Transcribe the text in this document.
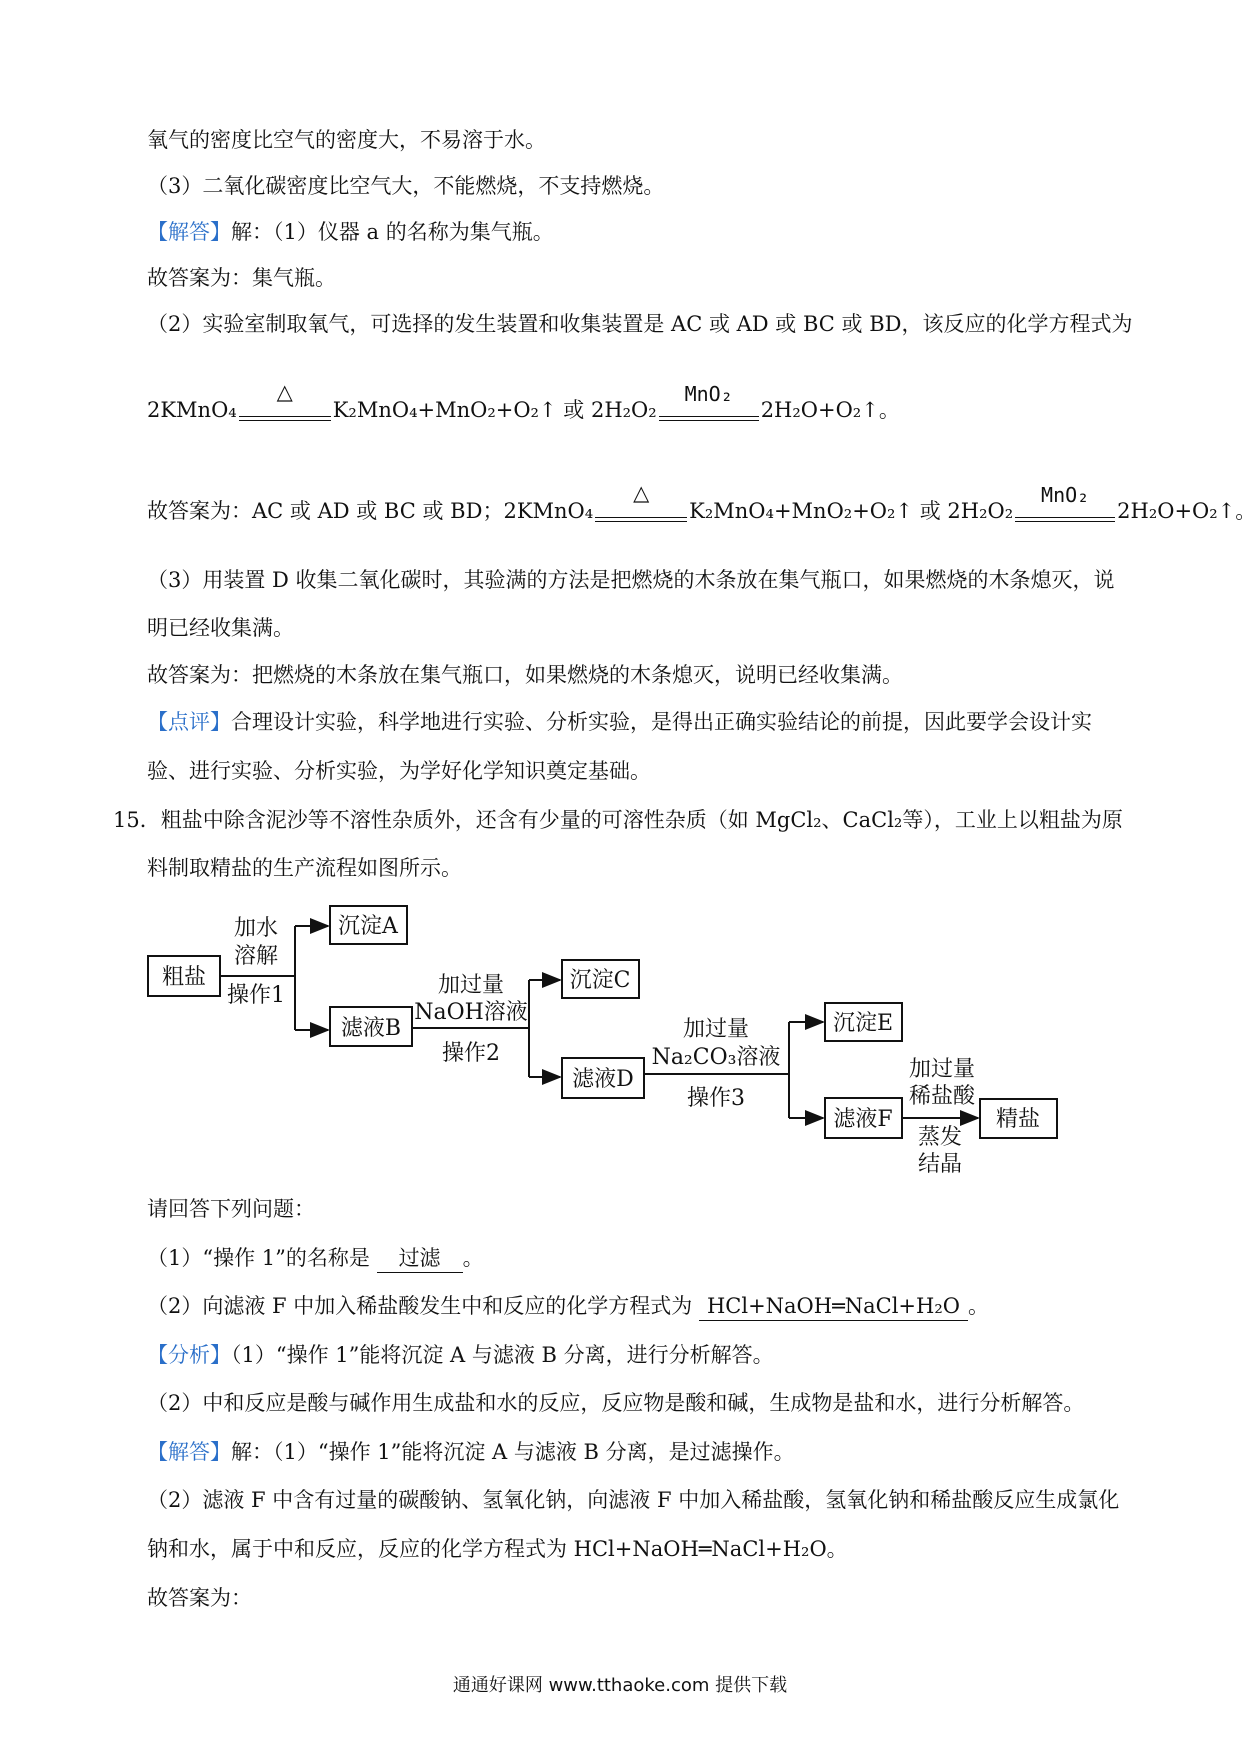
氧气的密度比空气的密度大，不易溶于水。
（3）二氧化碳密度比空气大，不能燃烧，不支持燃烧。
【解答】解：（1）仪器 a 的名称为集气瓶。
故答案为：集气瓶。
（2）实验室制取氧气，可选择的发生装置和收集装置是 AC 或 AD 或 BC 或 BD，该反应的化学方程式为
2KMnO₄
△
K₂MnO₄+MnO₂+O₂↑ 或 2H₂O₂
MnO₂
2H₂O+O₂↑。
故答案为：AC 或 AD 或 BC 或 BD；2KMnO₄
△
K₂MnO₄+MnO₂+O₂↑ 或 2H₂O₂
MnO₂
2H₂O+O₂↑。
（3）用装置 D 收集二氧化碳时，其验满的方法是把燃烧的木条放在集气瓶口，如果燃烧的木条熄灭，说
明已经收集满。
故答案为：把燃烧的木条放在集气瓶口，如果燃烧的木条熄灭，说明已经收集满。
【点评】合理设计实验，科学地进行实验、分析实验，是得出正确实验结论的前提，因此要学会设计实
验、进行实验、分析实验，为学好化学知识奠定基础。
15．粗盐中除含泥沙等不溶性杂质外，还含有少量的可溶性杂质（如 MgCl₂、CaCl₂等），工业上以粗盐为原
料制取精盐的生产流程如图所示。
粗盐
加水
溶解
操作1
沉淀A
滤液B
加过量
NaOH溶液
操作2
沉淀C
滤液D
加过量
Na₂CO₃溶液
操作3
沉淀E
滤液F
加过量
稀盐酸
蒸发
结晶
精盐
请回答下列问题：
（1）“操作 1”的名称是 过滤 。
（2）向滤液 F 中加入稀盐酸发生中和反应的化学方程式为 HCl+NaOH═NaCl+H₂O 。
【分析】（1）“操作 1”能将沉淀 A 与滤液 B 分离，进行分析解答。
（2）中和反应是酸与碱作用生成盐和水的反应，反应物是酸和碱，生成物是盐和水，进行分析解答。
【解答】解：（1）“操作 1”能将沉淀 A 与滤液 B 分离，是过滤操作。
（2）滤液 F 中含有过量的碳酸钠、氢氧化钠，向滤液 F 中加入稀盐酸，氢氧化钠和稀盐酸反应生成氯化
钠和水，属于中和反应，反应的化学方程式为 HCl+NaOH═NaCl+H₂O。
故答案为：
通通好课网 www.tthaoke.com 提供下载
